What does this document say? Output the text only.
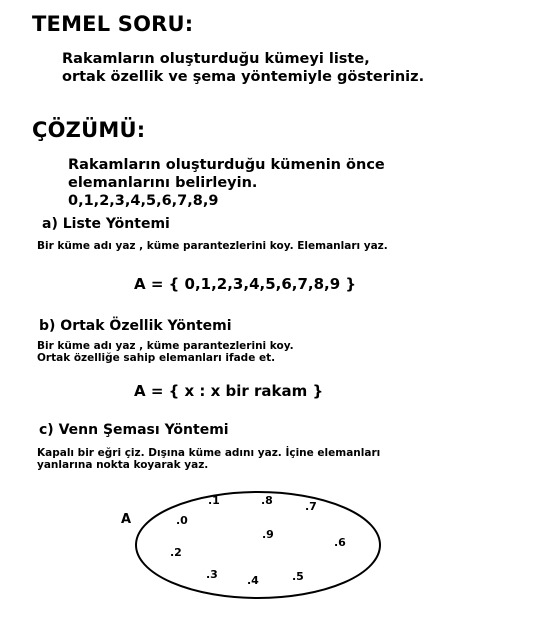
TEMEL SORU:
Rakamların oluşturduğu kümeyi liste,
ortak özellik ve şema yöntemiyle gösteriniz.
ÇÖZÜMÜ:
Rakamların oluşturduğu kümenin önce
elemanlarını belirleyin.
0,1,2,3,4,5,6,7,8,9
a) Liste Yöntemi
Bir küme adı yaz , küme parantezlerini koy. Elemanları yaz.
A = { 0,1,2,3,4,5,6,7,8,9 }
b) Ortak Özellik Yöntemi
Bir küme adı yaz , küme parantezlerini koy.
Ortak özelliğe sahip elemanları ifade et.
A = { x : x bir rakam }
c) Venn Şeması Yöntemi
Kapalı bir eğri çiz. Dışına küme adını yaz. İçine elemanları
yanlarına nokta koyarak yaz.
A	.0
.1	.8	.7
.9
.6
.2
.3	.4	.5
